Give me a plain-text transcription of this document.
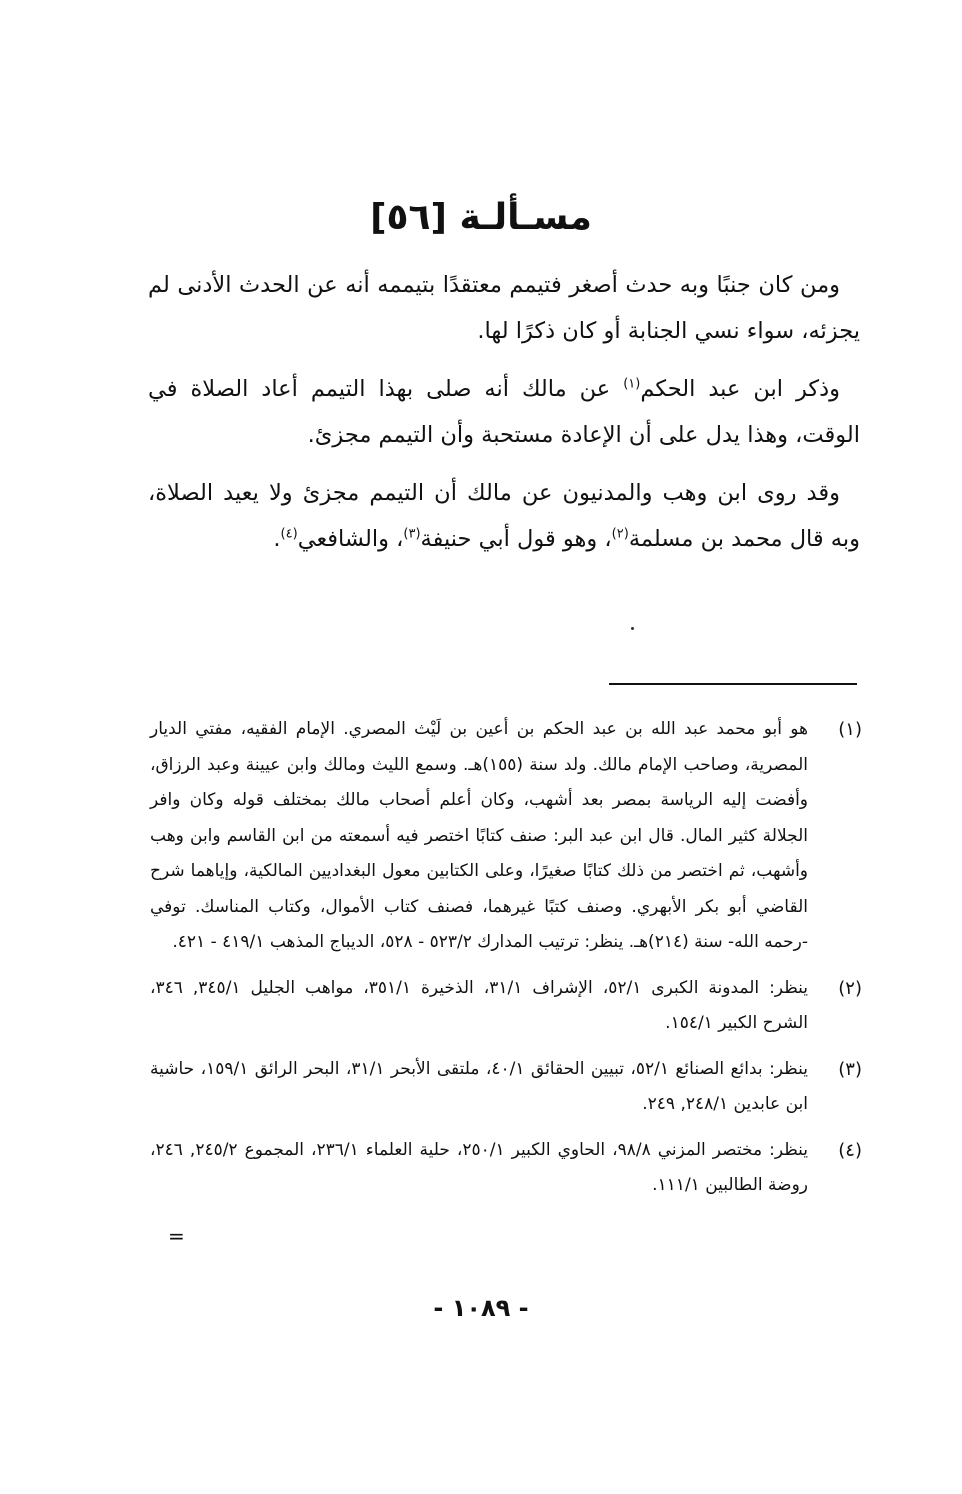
[٥٦] مسـألـة

ومن كان جنبًا وبه حدث أصغر فتيمم معتقدًا بتيممه أنه عن الحدث الأدنى لم يجزئه، سواء نسي الجنابة أو كان ذكرًا لها.

وذكر ابن عبد الحكم$^{(١)}$ عن مالك أنه صلى بهذا التيمم أعاد الصلاة في الوقت، وهذا يدل على أن الإعادة مستحبة وأن التيمم مجزئ.

وقد روى ابن وهب والمدنيون عن مالك أن التيمم مجزئ ولا يعيد الصلاة، وبه قال محمد بن مسلمة$^{(٢)}$، وهو قول أبي حنيفة$^{(٣)}$، والشافعي$^{(٤)}$.

(١)
هو أبو محمد عبد الله بن عبد الحكم بن أعين بن لَيْث المصري. الإمام الفقيه، مفتي الديار المصرية، وصاحب الإمام مالك. ولد سنة (١٥٥)هـ. وسمع الليث ومالك وابن عيينة وعبد الرزاق، وأفضت إليه الرياسة بمصر بعد أشهب، وكان أعلم أصحاب مالك بمختلف قوله وكان وافر الجلالة كثير المال. قال ابن عبد البر: صنف كتابًا اختصر فيه أسمعته من ابن القاسم وابن وهب وأشهب، ثم اختصر من ذلك كتابًا صغيرًا، وعلى الكتابين معول البغداديين المالكية، وإياهما شرح القاضي أبو بكر الأبهري. وصنف كتبًا غيرهما، فصنف كتاب الأموال، وكتاب المناسك. توفي -رحمه الله- سنة (٢١٤)هـ. ينظر: ترتيب المدارك ٥٢٣/٢ - ٥٢٨، الديباج المذهب ٤١٩/١ - ٤٢١.
(٢)
ينظر: المدونة الكبرى ٥٢/١، الإشراف ٣١/١، الذخيرة ٣٥١/١، مواهب الجليل ٣٤٥/١, ٣٤٦، الشرح الكبير ١٥٤/١.
(٣)
ينظر: بدائع الصنائع ٥٢/١، تبيين الحقائق ٤٠/١، ملتقى الأبحر ٣١/١، البحر الرائق ١٥٩/١، حاشية ابن عابدين ٢٤٨/١, ٢٤٩.
(٤)
ينظر: مختصر المزني ٩٨/٨، الحاوي الكبير ٢٥٠/١، حلية العلماء ٢٣٦/١، المجموع ٢٤٥/٢, ٢٤٦، روضة الطالبين ١١١/١.
=
- ١٠٨٩ -
